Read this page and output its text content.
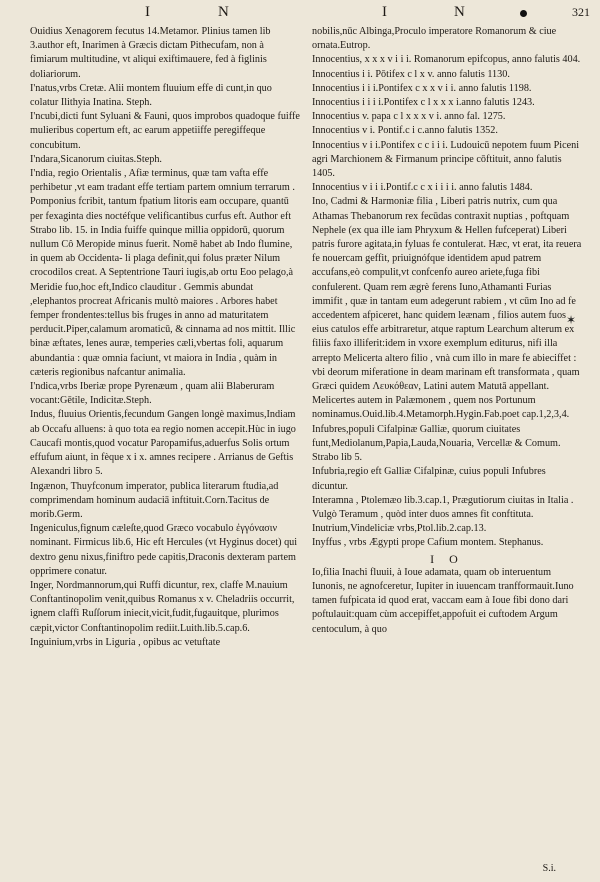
I	N	I	N	321
✶

Ouidius Xenagorem fecutus 14.Metamor. Plinius tamen lib 3.author eft, Inarimen à Græcis dictam Pithecufam, non à fimiarum multitudine, vt aliqui exiftimauere, fed à figlinis doliariorum.

I'natus,vrbs Cretæ. Alii montem fluuium effe di cunt,in quo colatur Ilithyia Inatina. Steph.

I'ncubi,dicti funt Syluani & Fauni, quos improbos quadoque fuiffe mulieribus copertum eft, ac earum appetiiffe peregiffeque concubitum.

I'ndara,Sicanorum ciuitas.Steph.

I'ndia, regio Orientalis , Afiæ terminus, quæ tam vafta effe perhibetur ,vt eam tradant effe tertiam partem omnium terrarum . Pomponius fcribit, tantum fpatium litoris eam occupare, quantū per fexaginta dies noctéfque velificantibus curfus eft. Author eft Strabo lib. 15. in India fuiffe quinque millia oppidorū, quorum nullum Cô Meropide minus fuerit. Nomē habet ab Indo flumine, in quem ab Occidenta- li plaga definit,qui folus præter Nilum crocodilos creat. A Septentrione Tauri iugis,ab ortu Eoo pelago,à Meridie fuo,hoc eft,Indico clauditur . Gemmis abundat ,elephantos procreat Africanis multò maiores . Arbores habet femper frondentes:tellus bis fruges in anno ad maturitatem perducit.Piper,calamum aromaticū, & cinnama ad nos mittit. Illic binæ æftates, lenes auræ, temperies cæli,vbertas foli, aquarum abundantia : quæ omnia faciunt, vt maiora in India , quàm in cæteris regionibus nafcantur animalia.

I'ndica,vrbs Iberiæ prope Pyrenæum , quam alii Blaberuram vocant:Gētile, Indicitæ.Steph.

Indus, fluuius Orientis,fecundum Gangen longè maximus,Indiam ab Occafu alluens: à quo tota ea regio nomen accepit.Hùc in iugo Caucafi montis,quod vocatur Paropamifus,aduerfus Solis ortum effufum aiunt, in fèque x i x. amnes recipere . Arrianus de Geftis Alexandri libro 5.

Ingænon, Thuyfconum imperator, publica literarum ftudia,ad comprimendam hominum audaciā inftituit.Corn.Tacitus de morib.Germ.

Ingeniculus,fignum cæleſte,quod Græco vocabulo ἐγγόνασιν nominant. Firmicus lib.6, Hic eft Hercules (vt Hyginus docet) qui dextro genu nixus,finiftro pede capitis,Draconis dexteram partem opprimere conatur.

Inger, Nordmannorum,qui Ruffi dicuntur, rex, claffe M.nauium Conftantinopolim venit,quibus Romanus x v. Cheladriis occurrit, ignem claffi Ruſſorum iniecit,vicit,fudit,fugauitque, plurimos cæpit,victor Conftantinopolim rediit.Luith.lib.5.cap.6.

Inguinium,vrbs in Liguria , opibus ac vetuftate

nobilis,nūc Albinga,Proculo imperatore Romanorum & ciue ornata.Eutrop.

Innocentius, x x x v i i i. Romanorum epifcopus, anno falutis 404.

Innocentius i i. Pōtifex c l x v. anno falutis 1130.

Innocentius i i i.Pontifex c x x v i i. anno falutis 1198.

Innocentius i i i i.Pontifex c l x x x i.anno falutis 1243.

Innocentius v. papa c l x x x v i. anno fal. 1275.

Innocentius v i. Pontif.c i c.anno falutis 1352.

Innocentius v i i.Pontifex c c i i i. Ludouicū nepotem fuum Piceni agri Marchionem & Firmanum principe cōftituit, anno falutis 1405.

Innocentius v i i i.Pontif.c c x i i i i. anno falutis 1484.

Ino, Cadmi & Harmoniæ filia , Liberi patris nutrix, cum qua Athamas Thebanorum rex fecūdas contraxit nuptias , poftquam Nephele (ex qua ille iam Phryxum & Hellen fufceperat) Liberi patris furore agitata,in fyluas fe contulerat. Hæc, vt erat, ita reuera fe nouercam geffit, priuignófque identidem apud patrem accufans,eò compulit,vt confcenfo aureo ariete,fuga fibi confulerent. Quam rem ægrè ferens Iuno,Athamanti Furias immifit , quæ in tantam eum adegerunt rabiem , vt cūm Ino ad fe accedentem afpiceret, hanc quidem leænam , filios autem fuos eius catulos effe arbitraretur, atque raptum Learchum alterum ex filiis faxo illiferit:idem in vxore exemplum editurus, nifi illa arrepto Melicerta altero filio , vnà cum illo in mare fe abieciffet : vbi deorum miferatione in deam marinam eft transformata , quam Græci quidem Λευκόθεαν, Latini autem Matutā appellant. Melicertes autem in Palæmonem , quem nos Portunum nominamus.Ouid.lib.4.Metamorph.Hygin.Fab.poet cap.1,2,3,4.

Infubres,populi Cifalpinæ Galliæ, quorum ciuitates funt,Mediolanum,Papia,Lauda,Nouaria, Vercellæ & Comum. Strabo lib 5.

Infubria,regio eft Galliæ Cifalpinæ, cuius populi Infubres dicuntur.

Interamna , Ptolemæo lib.3.cap.1, Prægutiorum ciuitas in Italia . Vulgò Teramum , quòd inter duos amnes fit conftituta.

Inutrium,Vindeliciæ vrbs,Ptol.lib.2.cap.13.

Inyffus , vrbs Ægypti prope Cafium montem. Stephanus.

I O

Io,filia Inachi fluuii, à Ioue adamata, quam ob interuentum Iunonis, ne agnofceretur, Iupiter in iuuencam tranfformauit.Iuno tamen fufpicata id quod erat, vaccam eam à Ioue fibi dono dari poftulauit:quam cùm accepiffet,appofuit ei cuftodem Argum centoculum, à quo

S.i.
